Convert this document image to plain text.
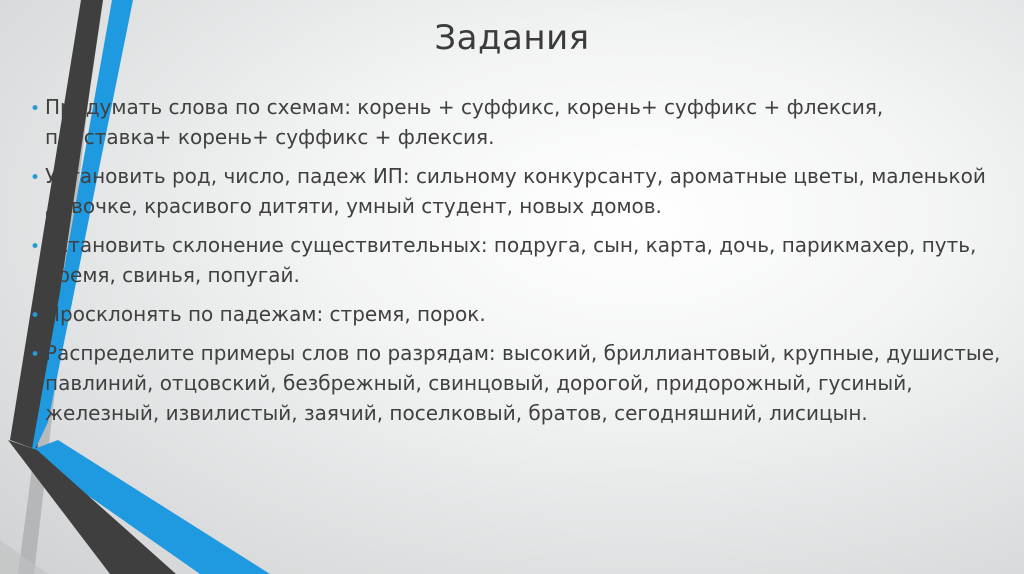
Задания
• Придумать слова по схемам: корень + суффикс, корень+ суффикс + флексия, приставка+ корень+ суффикс + флексия.
• Установить род, число, падеж ИП: сильному конкурсанту, ароматные цветы, маленькой девочке, красивого дитяти, умный студент, новых домов.
• Установить склонение существительных: подруга, сын, карта, дочь, парикмахер, путь, бремя, свинья, попугай.
• Просклонять по падежам: стремя, порок.
• Распределите примеры слов по разрядам: высокий, бриллиантовый, крупные, душистые, павлиний, отцовский, безбрежный, свинцовый, дорогой, придорожный, гусиный, железный, извилистый, заячий, поселковый, братов, сегодняшний, лисицын.
